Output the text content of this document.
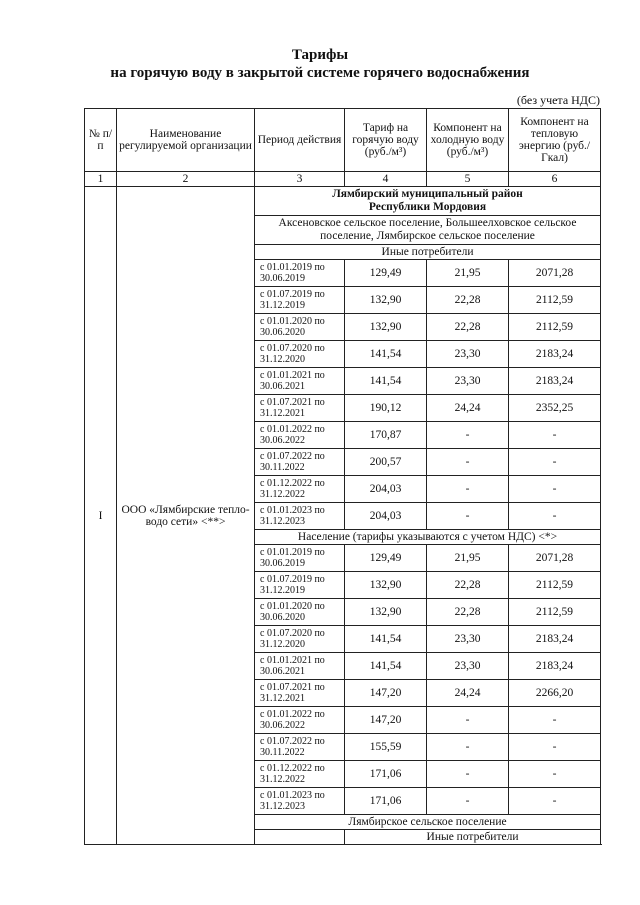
Тарифы
на горячую воду в закрытой системе горячего водоснабжения
(без учета НДС)
№ п/п	Наименование регулируемой организации	Период действия	Тариф на горячую воду (руб./м³)	Компонент на холодную воду (руб./м³)	Компонент на тепловую энергию (руб./Гкал)
1	2	3	4	5	6
I	ООО «Лямбирские тепло-водо сети» <**>	Лямбирский муниципальный район
Республики Мордовия			

		Аксеновское сельское поселение, Большеелховское сельское поселение, Лямбирское сельское поселение			
		Иные потребители			
		с 01.01.2019 по 30.06.2019	129,49	21,95	2071,28
		с 01.07.2019 по 31.12.2019	132,90	22,28	2112,59
		с 01.01.2020 по 30.06.2020	132,90	22,28	2112,59
		с 01.07.2020 по 31.12.2020	141,54	23,30	2183,24
		с 01.01.2021 по 30.06.2021	141,54	23,30	2183,24
		с 01.07.2021 по 31.12.2021	190,12	24,24	2352,25
		с 01.01.2022 по 30.06.2022	170,87	-	-
		с 01.07.2022 по 30.11.2022	200,57	-	-
		с 01.12.2022 по 31.12.2022	204,03	-	-
		с 01.01.2023 по 31.12.2023	204,03	-	-
		Население (тарифы указываются с учетом НДС) <*>			
		с 01.01.2019 по 30.06.2019	129,49	21,95	2071,28
		с 01.07.2019 по 31.12.2019	132,90	22,28	2112,59
		с 01.01.2020 по 30.06.2020	132,90	22,28	2112,59
		с 01.07.2020 по 31.12.2020	141,54	23,30	2183,24
		с 01.01.2021 по 30.06.2021	141,54	23,30	2183,24
		с 01.07.2021 по 31.12.2021	147,20	24,24	2266,20
		с 01.01.2022 по 30.06.2022	147,20	-	-
		с 01.07.2022 по 30.11.2022	155,59	-	-
		с 01.12.2022 по 31.12.2022	171,06	-	-
		с 01.01.2023 по 31.12.2023	171,06	-	-
		Лямбирское сельское поселение			
			Иные потребители		
